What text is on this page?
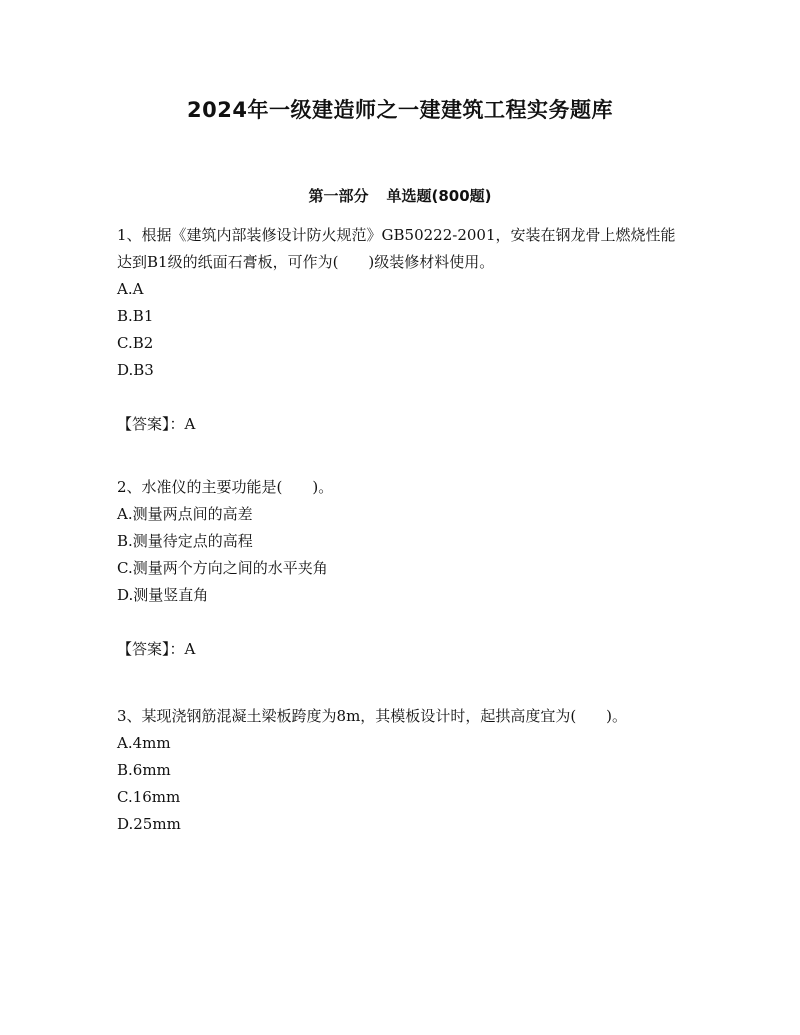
2024年一级建造师之一建建筑工程实务题库
第一部分 单选题(800题)

1、根据《建筑内部装修设计防火规范》GB50222-2001，安装在钢龙骨上燃烧性能达到B1级的纸面石膏板，可作为(　　)级装修材料使用。

A.A

B.B1

C.B2

D.B3

【答案】：A

2、水准仪的主要功能是(　　)。

A.测量两点间的高差

B.测量待定点的高程

C.测量两个方向之间的水平夹角

D.测量竖直角

【答案】：A

3、某现浇钢筋混凝土梁板跨度为8m，其模板设计时，起拱高度宜为(　　)。

A.4mm

B.6mm

C.16mm

D.25mm
